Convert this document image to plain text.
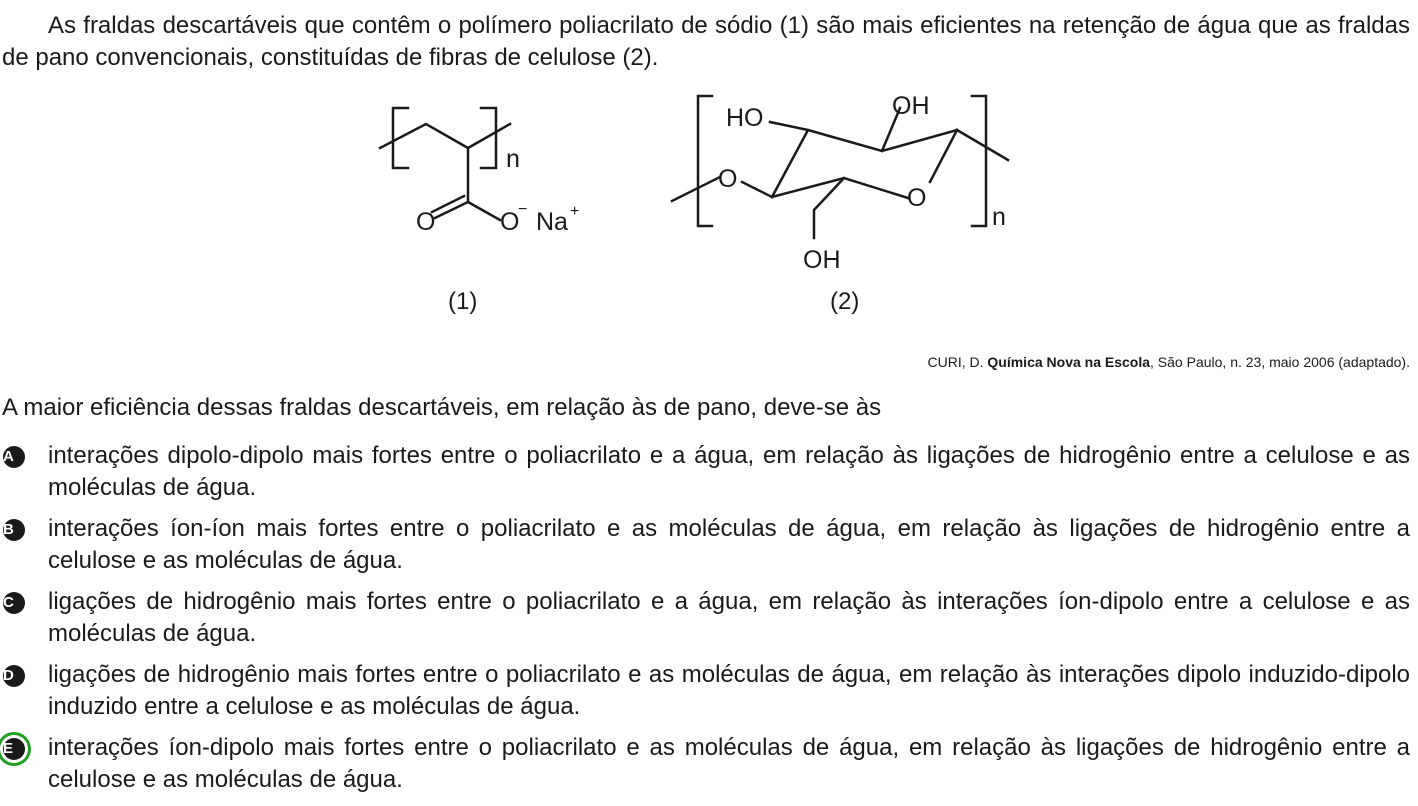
As fraldas descartáveis que contêm o polímero poliacrilato de sódio (1) são mais eficientes na retenção de água que as fraldas de pano convencionais, constituídas de fibras de celulose (2).

n
O	O
− Na +
HO	OH
O
O
OH
n
(1)	(2)
CURI, D. Química Nova na Escola, São Paulo, n. 23, maio 2006 (adaptado).
A maior eficiência dessas fraldas descartáveis, em relação às de pano, deve-se às
A	interações dipolo-dipolo mais fortes entre o poliacrilato e a água, em relação às ligações de hidrogênio entre a celulose e as moléculas de água.
B	interações íon-íon mais fortes entre o poliacrilato e as moléculas de água, em relação às ligações de hidrogênio entre a celulose e as moléculas de água.
C	ligações de hidrogênio mais fortes entre o poliacrilato e a água, em relação às interações íon-dipolo entre a celulose e as moléculas de água.
D	ligações de hidrogênio mais fortes entre o poliacrilato e as moléculas de água, em relação às interações dipolo induzido-dipolo induzido entre a celulose e as moléculas de água.
E	interações íon-dipolo mais fortes entre o poliacrilato e as moléculas de água, em relação às ligações de hidrogênio entre a celulose e as moléculas de água.
